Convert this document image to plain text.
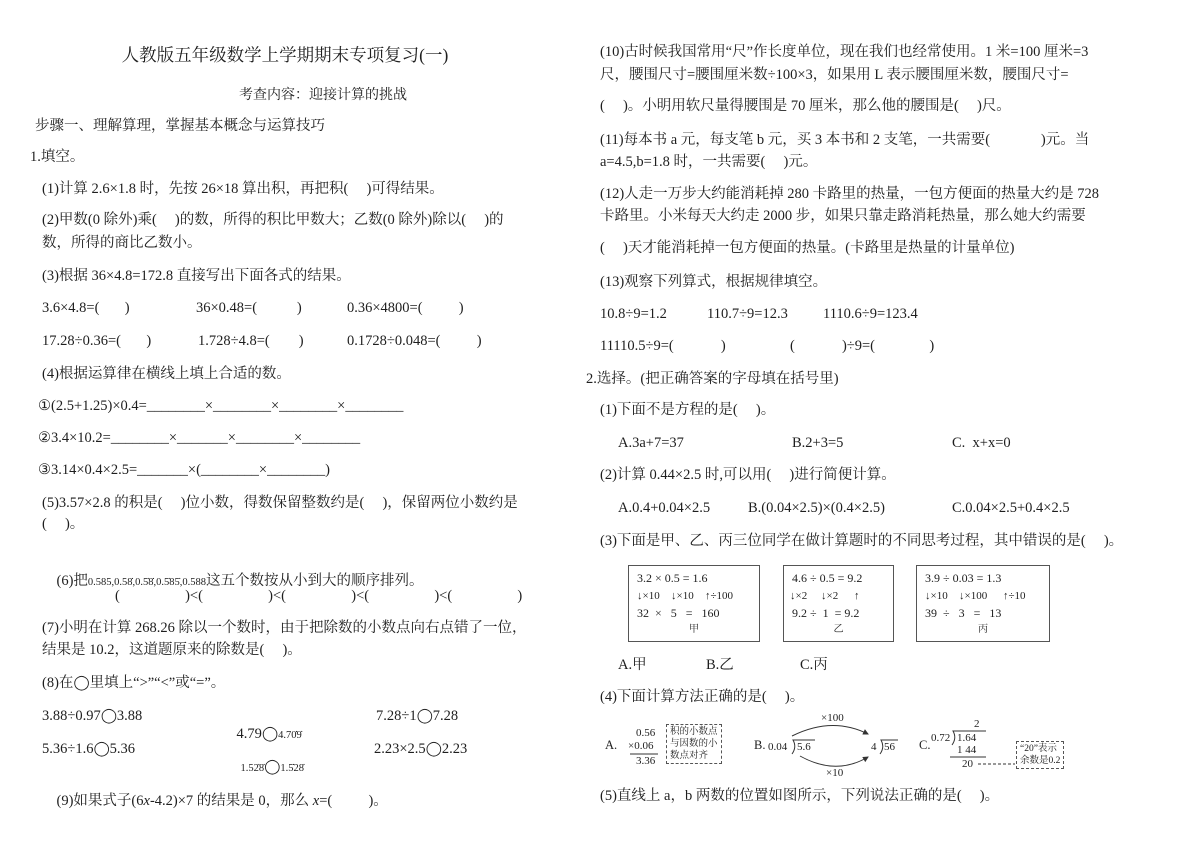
人教版五年级数学上学期期末专项复习(一)
考查内容：迎接计算的挑战
步骤一、理解算理，掌握基本概念与运算技巧
1.填空。
(1)计算 2.6×1.8 时，先按 26×18 算出积，再把积(     )可得结果。
(2)甲数(0 除外)乘(     )的数，所得的积比甲数大；乙数(0 除外)除以(     )的
数，所得的商比乙数小。
(3)根据 36×4.8=172.8 直接写出下面各式的结果。
3.6×4.8=(       )	36×0.48=(           )	0.36×4800=(          )
17.28÷0.36=(       )	1.728÷4.8=(        )	0.1728÷0.048=(          )
(4)根据运算律在横线上填上合适的数。
①(2.5+1.25)×0.4=________×________×________×________
②3.4×10.2=________×_______×________×________
③3.14×0.4×2.5=_______×(________×________)
(5)3.57×2.8 的积是(     )位小数，得数保留整数约是(     )，保留两位小数约是
(     )。

(6)把0.585,0.58̇,0.5̇8̇,0.5̇85̇,0.588这五个数按从小到大的顺序排列。

(                  )<(                  )<(                  )<(                  )<(                  )
(7)小明在计算 268.26 除以一个数时，由于把除数的小数点向右点错了一位，
结果是 10.2，这道题原来的除数是(     )。
(8)在◯里填上“>”“<”或“=”。
3.88÷0.97◯3.88

4.79◯4.70̇9̇

7.28÷1◯7.28
5.36÷1.6◯5.36

1.52̇8̇◯1.5̇28̇

2.23×2.5◯2.23

(9)如果式子(6x-4.2)×7 的结果是 0，那么 x=(          )。

(10)古时候我国常用“尺”作长度单位，现在我们也经常使用。1 米=100 厘米=3
尺，腰围尺寸=腰围厘米数÷100×3，如果用 L 表示腰围厘米数，腰围尺寸=
(     )。小明用软尺量得腰围是 70 厘米，那么他的腰围是(     )尺。
(11)每本书 a 元，每支笔 b 元，买 3 本书和 2 支笔，一共需要(              )元。当
a=4.5,b=1.8 时，一共需要(     )元。
(12)人走一万步大约能消耗掉 280 卡路里的热量，一包方便面的热量大约是 728
卡路里。小米每天大约走 2000 步，如果只靠走路消耗热量，那么她大约需要
(     )天才能消耗掉一包方便面的热量。(卡路里是热量的计量单位)
(13)观察下列算式，根据规律填空。
10.8÷9=1.2	110.7÷9=12.3 1110.6÷9=123.4
11110.5÷9=(             )	(             )÷9=(               )
2.选择。(把正确答案的字母填在括号里)
(1)下面不是方程的是(     )。
A.3a+7=37	B.2+3=5	C.  x+x=0
(2)计算 0.44×2.5 时,可以用(     )进行简便计算。
A.0.4+0.04×2.5	B.(0.04×2.5)×(0.4×2.5)	C.0.04×2.5+0.4×2.5
(3)下面是甲、乙、丙三位同学在做计算题时的不同思考过程，其中错误的是(     )。
3.2 × 0.5 = 1.6
↓×10 ↓×10 ↑÷100
32  ×   5   =   160
甲
4.6 ÷ 0.5 = 9.2
↓×2 ↓×2 ↑
9.2 ÷  1  = 9.2
乙
3.9 ÷ 0.03 = 1.3
↓×10 ↓×100 ↑÷10
39  ÷   3   =   13
丙
A.甲	B.乙	C.丙
(4)下面计算方法正确的是(     )。
A.
0.56
×0.06
3.36
积的小数点
与因数的小
数点对齐
B. 0.04 5.6
×100
×10
4 56 C.
2
0.72 1.64
1 44
20
“20”表示
余数是0.2
(5)直线上 a，b 两数的位置如图所示，下列说法正确的是(     )。
